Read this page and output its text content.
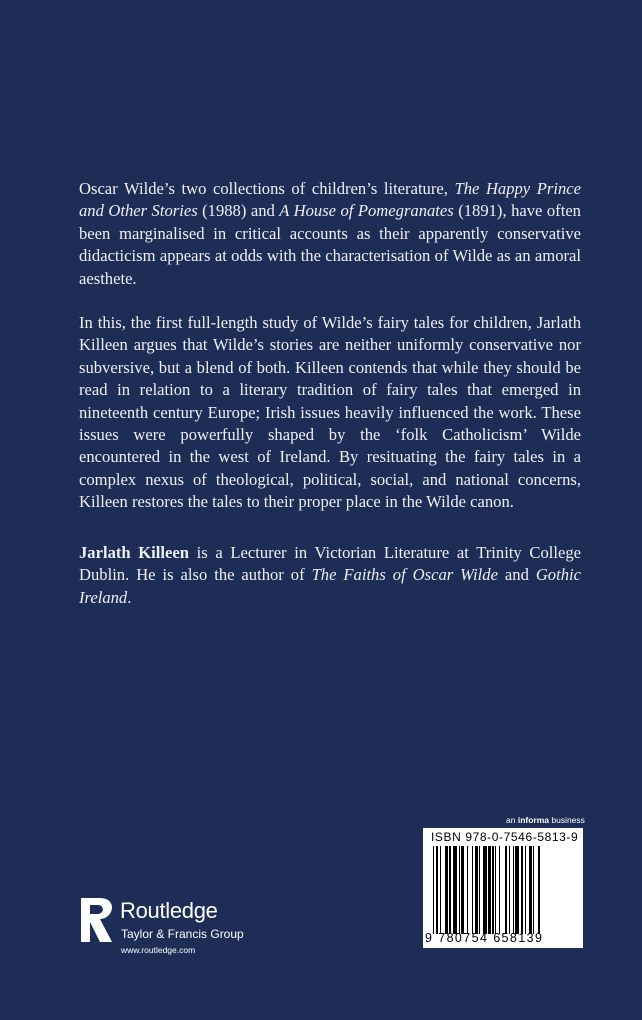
Oscar Wilde’s two collections of children’s literature, The Happy Prince and Other Stories (1988) and A House of Pomegranates (1891), have often been marginalised in critical accounts as their apparently conservative didacticism appears at odds with the characterisation of Wilde as an amoral aesthete.

In this, the first full-length study of Wilde’s fairy tales for children, Jarlath Killeen argues that Wilde’s stories are neither uniformly conservative nor subversive, but a blend of both. Killeen contends that while they should be read in relation to a literary tradition of fairy tales that emerged in nineteenth century Europe; Irish issues heavily influenced the work. These issues were powerfully shaped by the ‘folk Catholicism’ Wilde encountered in the west of Ireland. By resituating the fairy tales in a complex nexus of theological, political, social, and national concerns, Killeen restores the tales to their proper place in the Wilde canon.

Jarlath Killeen is a Lecturer in Victorian Literature at Trinity College Dublin. He is also the author of The Faiths of Oscar Wilde and Gothic Ireland.
an informa business
ISBN 978-0-7546-5813-9
9 780754 658139
Routledge
Taylor & Francis Group
www.routledge.com
